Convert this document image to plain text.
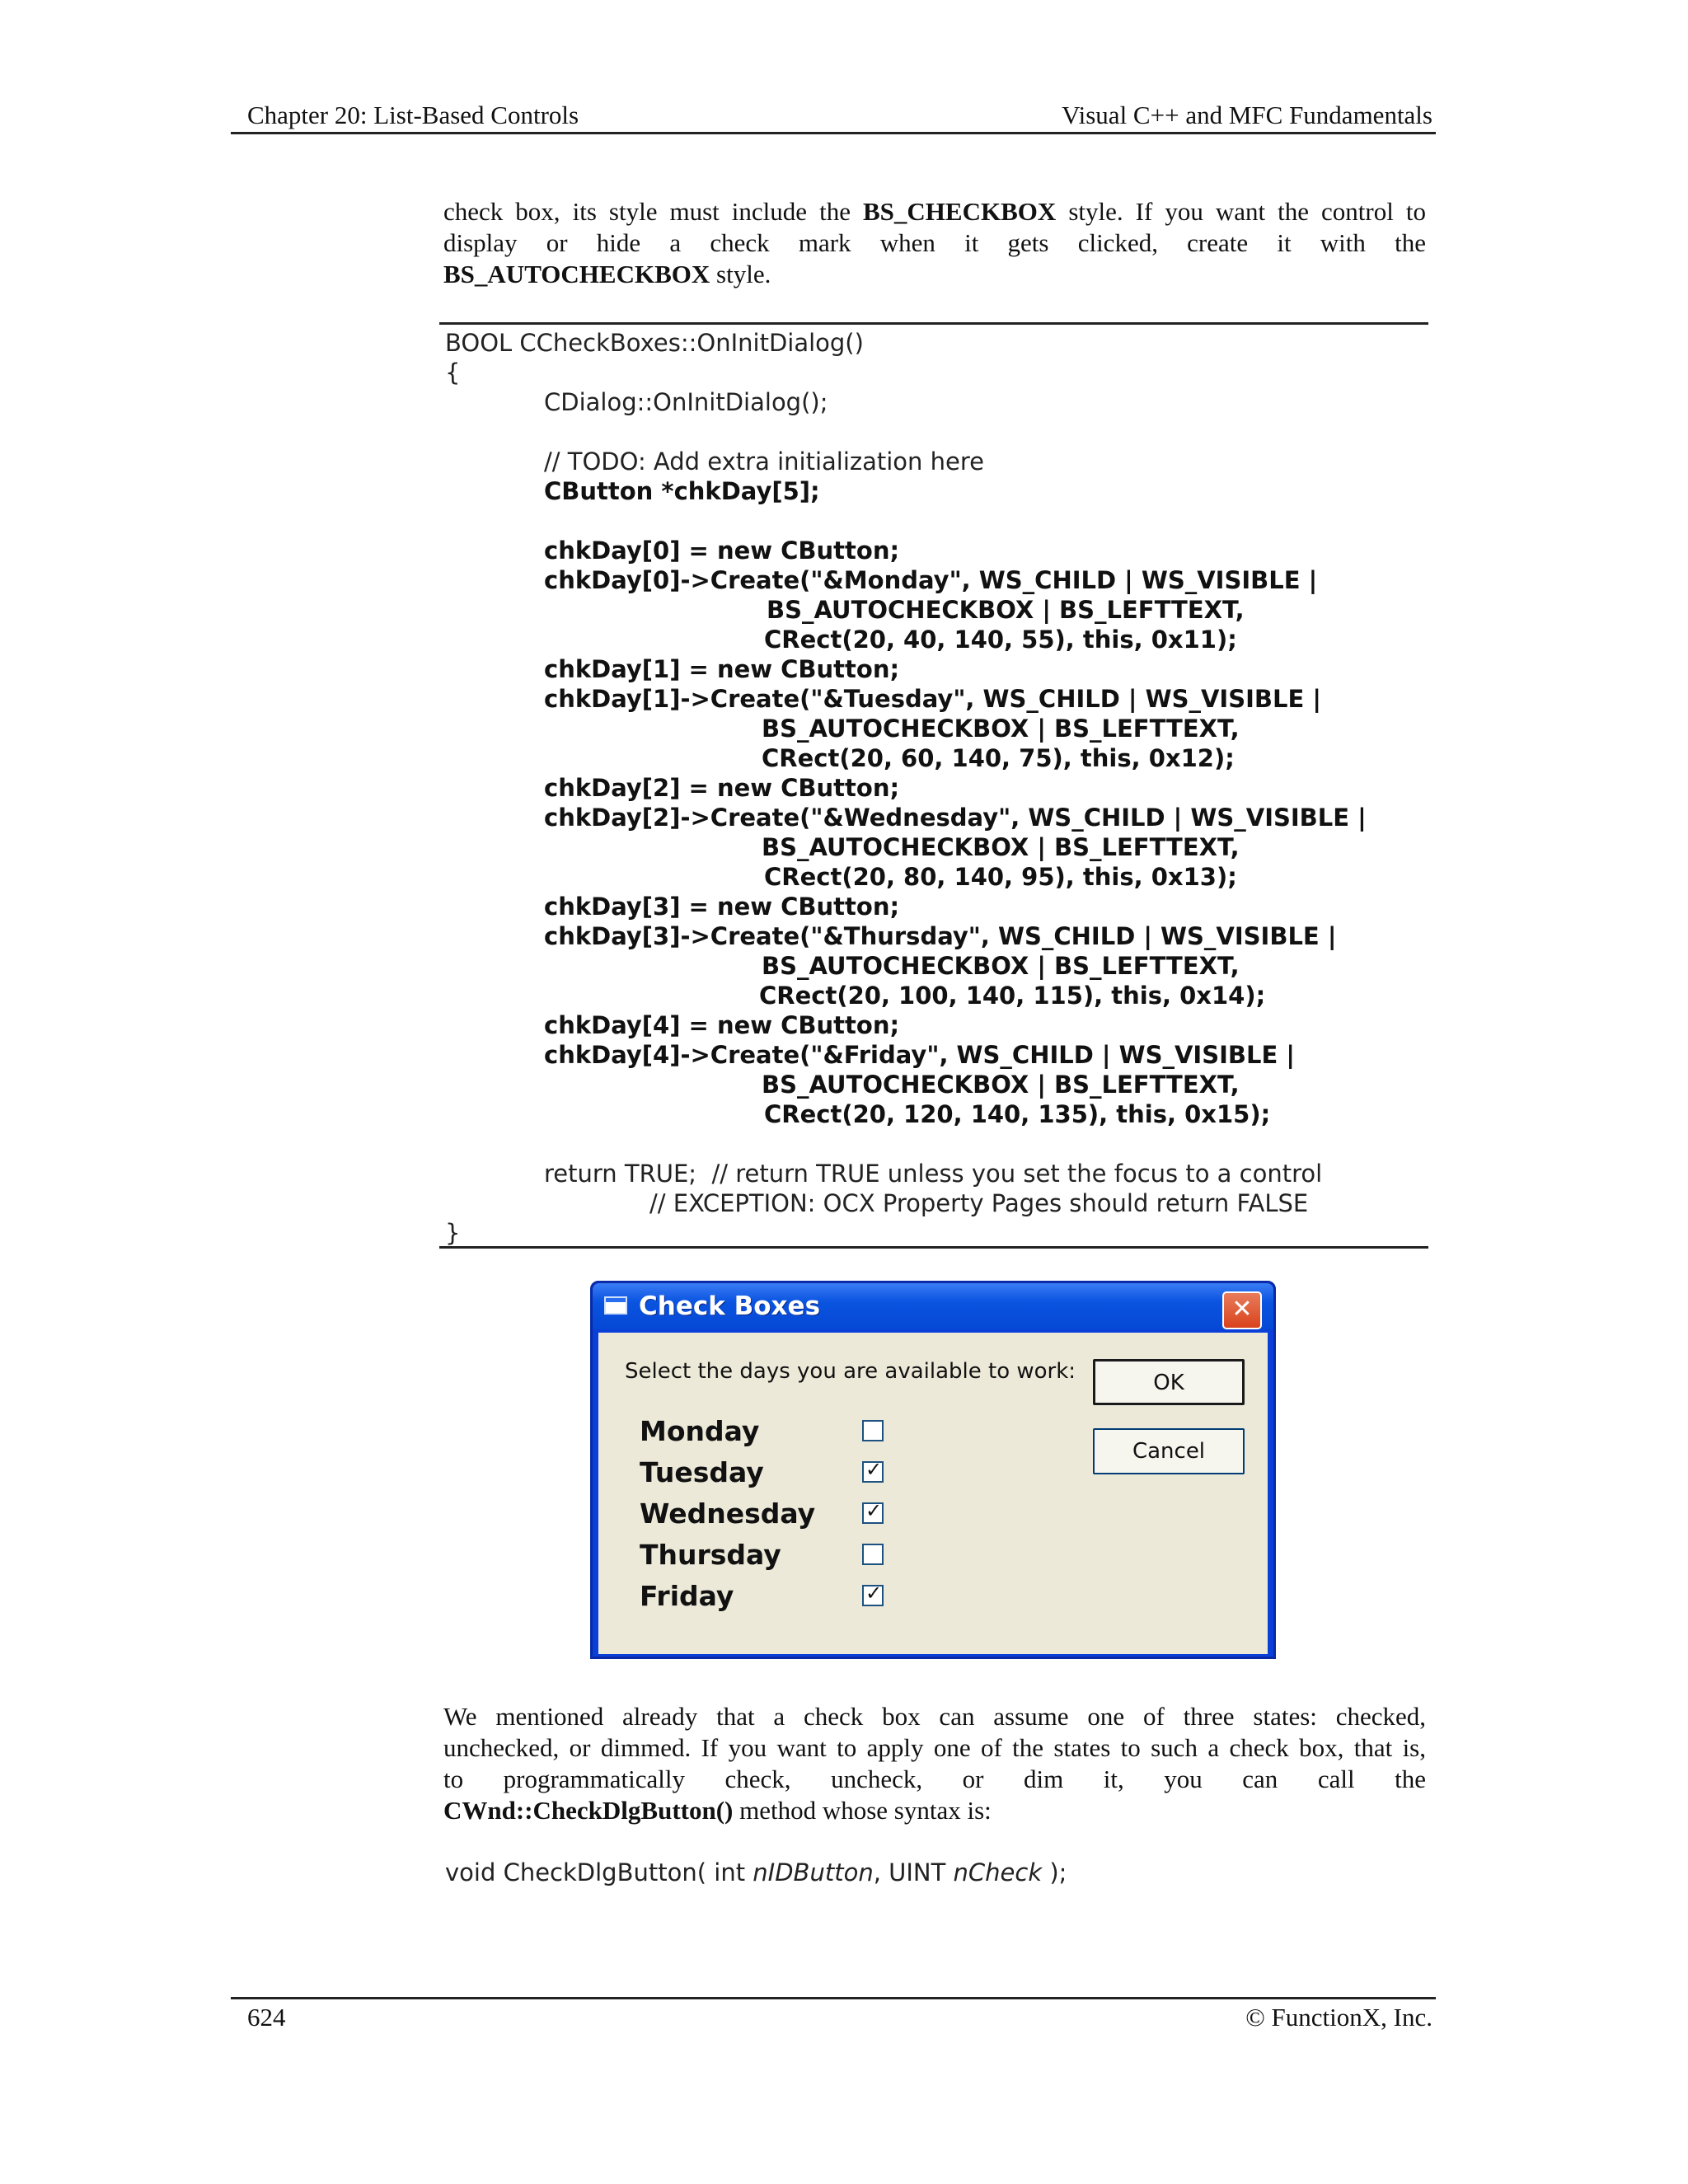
Chapter 20: List-Based Controls	Visual C++ and MFC Fundamentals
check box, its style must include the BS_CHECKBOX style. If you want the control to
display or hide a check mark when it gets clicked, create it with the
BS_AUTOCHECKBOX style.
BOOL CCheckBoxes::OnInitDialog()
{
CDialog::OnInitDialog();
// TODO: Add extra initialization here
CButton *chkDay[5];
chkDay[0] = new CButton;
chkDay[0]->Create("&Monday", WS_CHILD | WS_VISIBLE |
BS_AUTOCHECKBOX | BS_LEFTTEXT,
CRect(20, 40, 140, 55), this, 0x11);
chkDay[1] = new CButton;
chkDay[1]->Create("&Tuesday", WS_CHILD | WS_VISIBLE |
BS_AUTOCHECKBOX | BS_LEFTTEXT,
CRect(20, 60, 140, 75), this, 0x12);
chkDay[2] = new CButton;
chkDay[2]->Create("&Wednesday", WS_CHILD | WS_VISIBLE |
BS_AUTOCHECKBOX | BS_LEFTTEXT,
CRect(20, 80, 140, 95), this, 0x13);
chkDay[3] = new CButton;
chkDay[3]->Create("&Thursday", WS_CHILD | WS_VISIBLE |
BS_AUTOCHECKBOX | BS_LEFTTEXT,
CRect(20, 100, 140, 115), this, 0x14);
chkDay[4] = new CButton;
chkDay[4]->Create("&Friday", WS_CHILD | WS_VISIBLE |
BS_AUTOCHECKBOX | BS_LEFTTEXT,
CRect(20, 120, 140, 135), this, 0x15);
return TRUE;  // return TRUE unless you set the focus to a control
// EXCEPTION: OCX Property Pages should return FALSE
}
Check Boxes	✕
Select the days you are available to work:
Monday
Tuesday	✓
Wednesday	✓
Thursday
Friday	✓
OK
Cancel
We mentioned already that a check box can assume one of three states: checked,
unchecked, or dimmed. If you want to apply one of the states to such a check box, that is,
to programmatically check, uncheck, or dim it, you can call the
CWnd::CheckDlgButton() method whose syntax is:
void CheckDlgButton( int nIDButton, UINT nCheck );
624	© FunctionX, Inc.
